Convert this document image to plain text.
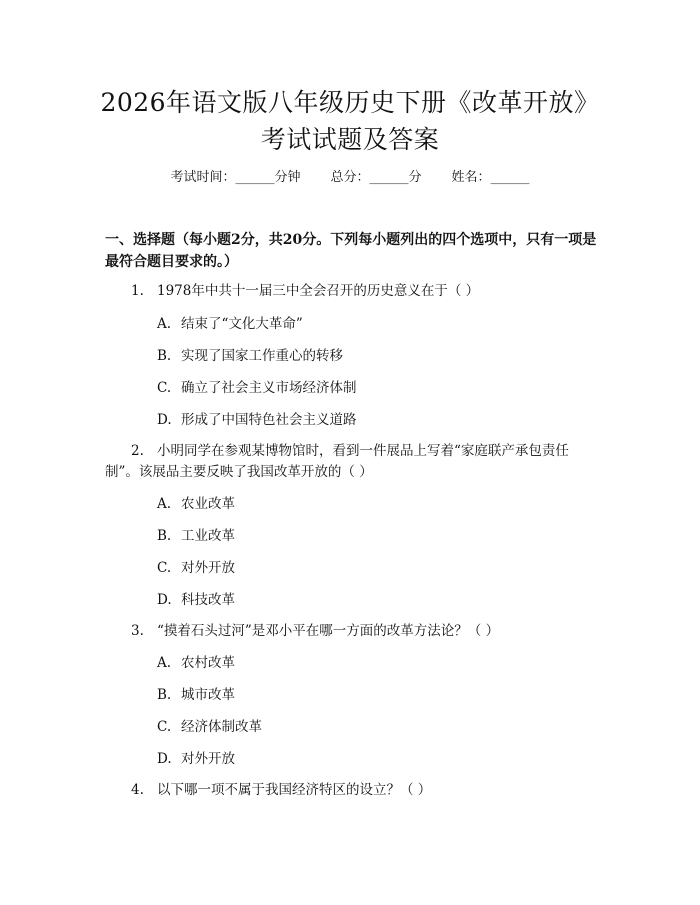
2026年语文版八年级历史下册《改革开放》
考试试题及答案
考试时间：______分钟 总分：______分 姓名：______
一、选择题（每小题2分，共20分。下列每小题列出的四个选项中，只有一项是
最符合题目要求的。）
1. 1978年中共十一届三中全会召开的历史意义在于（ ）
A. 结束了“文化大革命”
B. 实现了国家工作重心的转移
C. 确立了社会主义市场经济体制
D. 形成了中国特色社会主义道路
2. 小明同学在参观某博物馆时，看到一件展品上写着“家庭联产承包责任
制”。该展品主要反映了我国改革开放的（ ）
A. 农业改革
B. 工业改革
C. 对外开放
D. 科技改革
3. “摸着石头过河”是邓小平在哪一方面的改革方法论？（ ）
A. 农村改革
B. 城市改革
C. 经济体制改革
D. 对外开放
4. 以下哪一项不属于我国经济特区的设立？（ ）
